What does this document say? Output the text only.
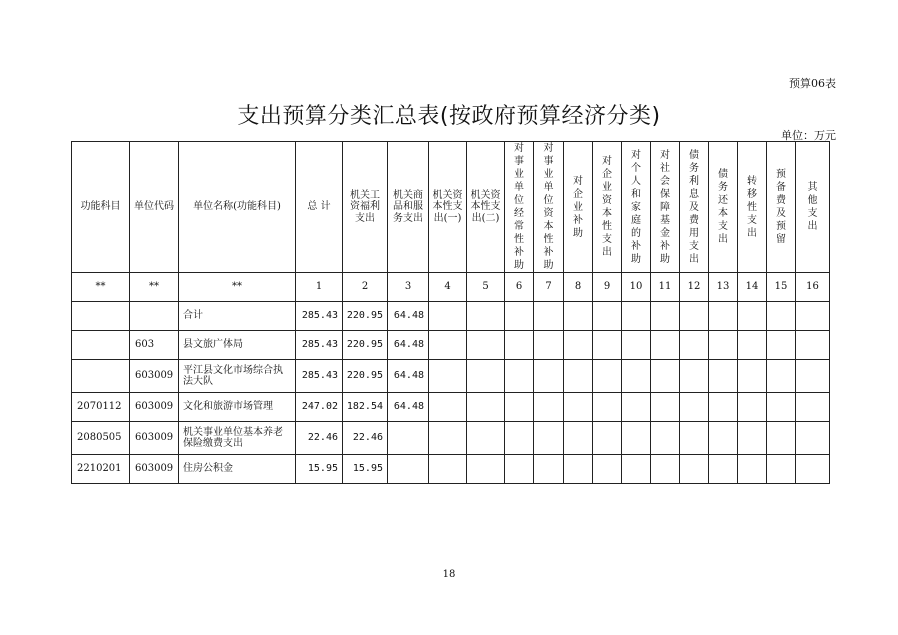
预算06表
支出预算分类汇总表(按政府预算经济分类)
单位：万元
功能科目	单位代码	单位名称(功能科目)	总 计	机关工资福利支出	机关商品和服务支出	机关资本性支出(一)	机关资本性支出(二)	对事业单位经常性补助	对事业单位资本性补助	对企业补助	对企业资本性支出	对个人和家庭的补助	对社会保障基金补助	债务利息及费用支出	债务还本支出	转移性支出	预备费及预留	其他支出
**	**	**	1	2	3	4	5	6	7	8	9	10	11	12	13	14	15	16
		合计	285.43	220.95	64.48													
	603	县文旅广体局	285.43	220.95	64.48													
	603009	平江县文化市场综合执法大队	285.43	220.95	64.48													
2070112	603009	文化和旅游市场管理	247.02	182.54	64.48													
2080505	603009	机关事业单位基本养老保险缴费支出	22.46	22.46														
2210201	603009	住房公积金	15.95	15.95														
18
